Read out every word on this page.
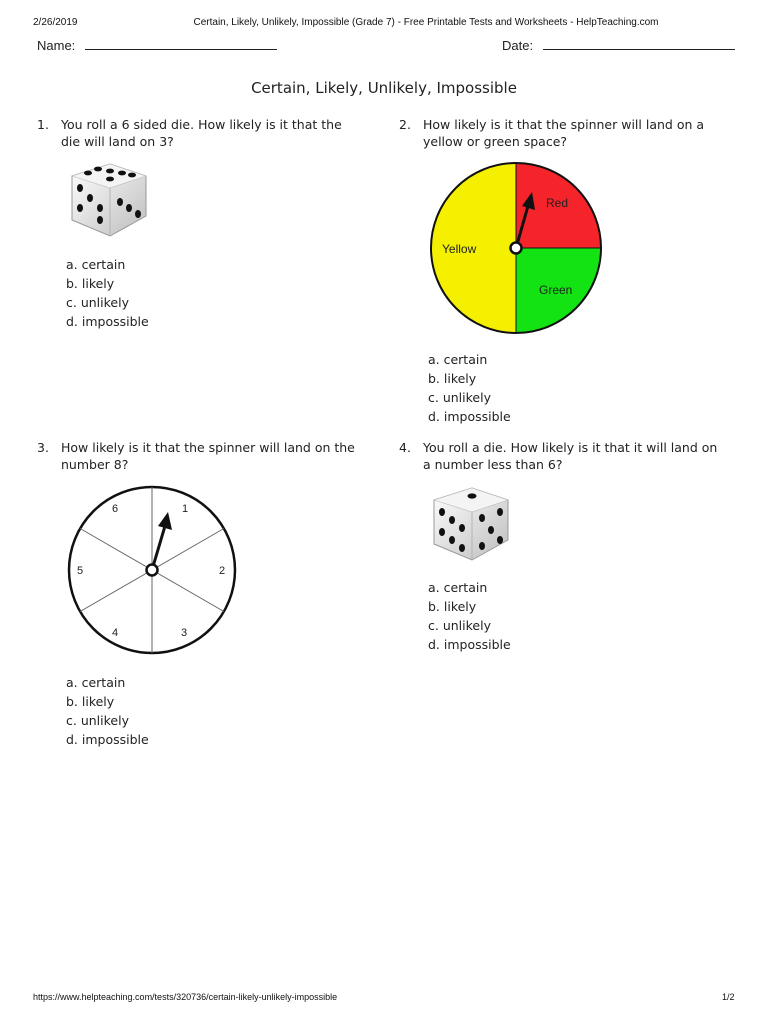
2/26/2019	Certain, Likely, Unlikely, Impossible (Grade 7) - Free Printable Tests and Worksheets - HelpTeaching.com
Name:	Date:
Certain, Likely, Unlikely, Impossible
1. You roll a 6 sided die. How likely is it that the die will land on 3?
a. certain
b. likely
c. unlikely
d. impossible
2. How likely is it that the spinner will land on a yellow or green space?
Red
Yellow
Green
a. certain
b. likely
c. unlikely
d. impossible
3. How likely is it that the spinner will land on the number 8?
1
2
3
4
5
6
a. certain
b. likely
c. unlikely
d. impossible
4. You roll a die. How likely is it that it will land on a number less than 6?
a. certain
b. likely
c. unlikely
d. impossible
https://www.helpteaching.com/tests/320736/certain-likely-unlikely-impossible	1/2
